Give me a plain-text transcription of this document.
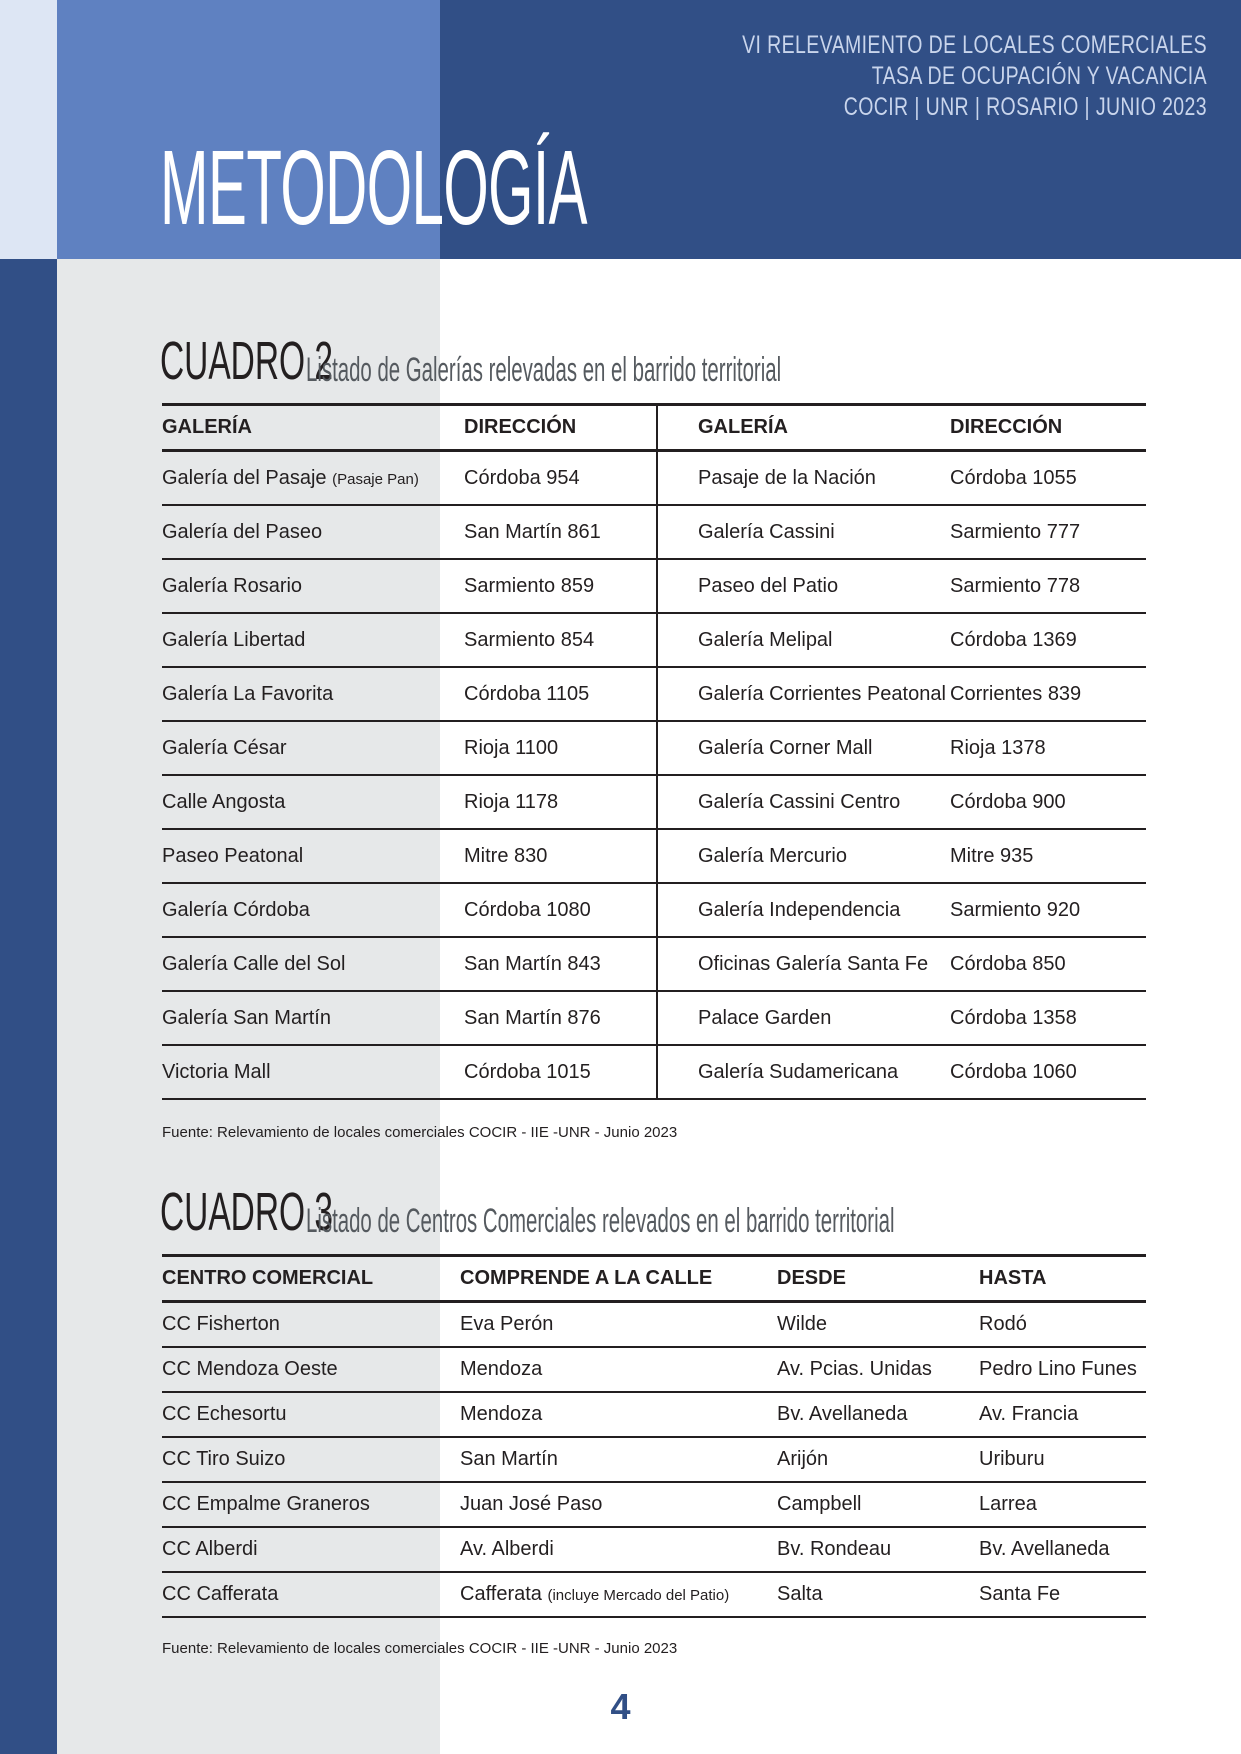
VI RELEVAMIENTO DE LOCALES COMERCIALES
TASA DE OCUPACIÓN Y VACANCIA
COCIR | UNR | ROSARIO | JUNIO 2023
METODOLOGÍA
CUADRO 2
Listado de Galerías relevadas en el barrido territorial
GALERÍA	DIRECCIÓN	GALERÍA	DIRECCIÓN
Galería del Pasaje (Pasaje Pan)	Córdoba 954	Pasaje de la Nación	Córdoba 1055
Galería del Paseo	San Martín 861	Galería Cassini	Sarmiento 777
Galería Rosario	Sarmiento 859	Paseo del Patio	Sarmiento 778
Galería Libertad	Sarmiento 854	Galería Melipal	Córdoba 1369
Galería La Favorita	Córdoba 1105	Galería Corrientes Peatonal	Corrientes 839
Galería César	Rioja 1100	Galería Corner Mall	Rioja 1378
Calle Angosta	Rioja 1178	Galería Cassini Centro	Córdoba 900
Paseo Peatonal	Mitre 830	Galería Mercurio	Mitre 935
Galería Córdoba	Córdoba 1080	Galería Independencia	Sarmiento 920
Galería Calle del Sol	San Martín 843	Oficinas Galería Santa Fe	Córdoba 850
Galería San Martín	San Martín 876	Palace Garden	Córdoba 1358
Victoria Mall	Córdoba 1015	Galería Sudamericana	Córdoba 1060
Fuente: Relevamiento de locales comerciales COCIR - IIE -UNR - Junio 2023
CUADRO 3
Listado de Centros Comerciales relevados en el barrido territorial
CENTRO COMERCIAL	COMPRENDE A LA CALLE	DESDE	HASTA
CC Fisherton	Eva Perón	Wilde	Rodó
CC Mendoza Oeste	Mendoza	Av. Pcias. Unidas	Pedro Lino Funes
CC Echesortu	Mendoza	Bv. Avellaneda	Av. Francia
CC Tiro Suizo	San Martín	Arijón	Uriburu
CC Empalme Graneros	Juan José Paso	Campbell	Larrea
CC Alberdi	Av. Alberdi	Bv. Rondeau	Bv. Avellaneda
CC Cafferata	Cafferata (incluye Mercado del Patio)	Salta	Santa Fe
Fuente: Relevamiento de locales comerciales COCIR - IIE -UNR - Junio 2023
4
